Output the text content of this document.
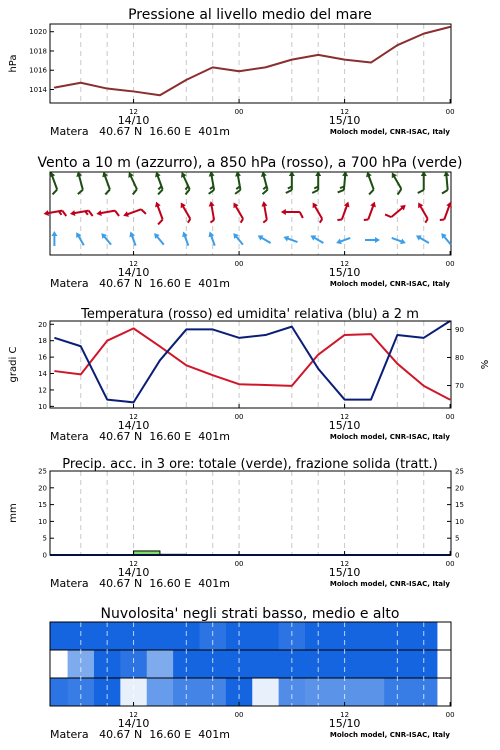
Pressione al livello medio del mare
1014
1016
1018
1020
hPa
12	00	12	00
14/10	15/10
Matera   40.67 N  16.60 E  401m	Moloch model, CNR-ISAC, Italy
Vento a 10 m (azzurro), a 850 hPa (rosso), a 700 hPa (verde)
12	00	12	00
14/10	15/10
Matera   40.67 N  16.60 E  401m	Moloch model, CNR-ISAC, Italy
Temperatura (rosso) ed umidita' relativa (blu) a 2 m
10
12
14
16
18
20
70
80
90
gradi C	%
12	00	12	00
14/10	15/10
Matera   40.67 N  16.60 E  401m	Moloch model, CNR-ISAC, Italy
Precip. acc. in 3 ore: totale (verde), frazione solida (tratt.)
0
5
10
15
20
25
0
5
10
15
20
25
mm
12	00	12	00
14/10	15/10
Matera   40.67 N  16.60 E  401m	Moloch model, CNR-ISAC, Italy
Nuvolosita' negli strati basso, medio e alto
12	00	12	00
14/10	15/10
Matera   40.67 N  16.60 E  401m	Moloch model, CNR-ISAC, Italy
